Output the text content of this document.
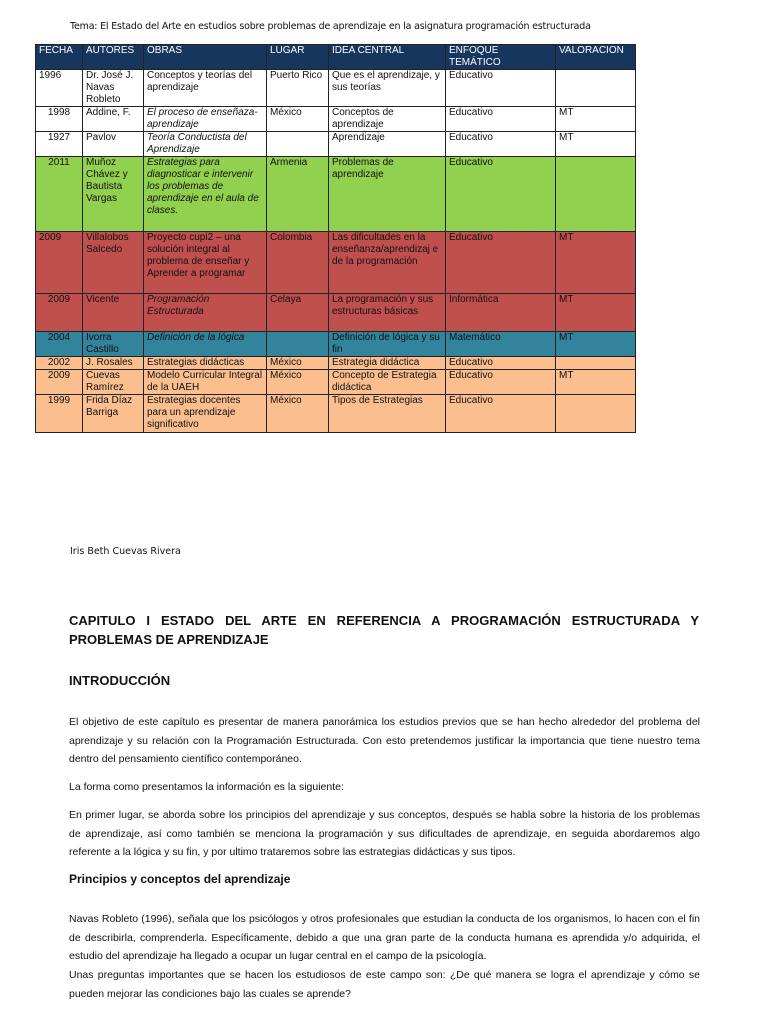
Tema: El Estado del Arte en estudios sobre problemas de aprendizaje en la asignatura programación estructurada
FECHA	AUTORES	OBRAS	LUGAR	IDEA CENTRAL	ENFOQUE TEMÁTICO	VALORACION
1996	Dr. José J. Navas Robleto	Conceptos y teorías del aprendizaje	Puerto Rico	Que es el aprendizaje, y sus teorías	Educativo	
1998	Addine, F.	El proceso de enseñaza-aprendizaje	México	Conceptos de aprendizaje	Educativo	MT
1927	Pavlov	Teoría Conductista del Aprendizaje		Aprendizaje	Educativo	MT
2011	Muñoz Chávez y Bautista Vargas	Estrategias para diagnosticar e intervenir los problemas de aprendizaje en el aula de clases.	Armenia	Problemas de aprendizaje	Educativo	
2009	Villalobos Salcedo	Proyecto cupi2 – una solución integral al problema de enseñar y Aprender a programar	Colombia	Las dificultades en la enseñanza/aprendizaj e de la programación	Educativo	MT
2009	Vicente	Programación Estructurada	Celaya	La programación y sus estructuras básicas	Informática	MT
2004	Ivorra Castillo	Definición de la lógica		Definición de lógica y su fin	Matemático	MT
2002	J. Rosales	Estrategias didácticas	México	Estrategia didáctica	Educativo	
2009	Cuevas Ramírez	Modelo Curricular Integral de la UAEH	México	Concepto de Estrategia didáctica	Educativo	MT
1999	Frida Díaz Barriga	Estrategias docentes para un aprendizaje significativo	México	Tipos de Estrategias	Educativo	
Iris Beth Cuevas Rivera
CAPITULO I ESTADO DEL ARTE EN REFERENCIA A PROGRAMACIÓN ESTRUCTURADA Y PROBLEMAS DE APRENDIZAJE
INTRODUCCIÓN
El objetivo de este capítulo es presentar de manera panorámica los estudios previos que se han hecho alrededor del problema del aprendizaje y su relación con la Programación Estructurada. Con esto pretendemos justificar la importancia que tiene nuestro tema dentro del pensamiento científico contemporáneo.
La forma como presentamos la información es la siguiente:
En primer lugar, se aborda sobre los principios del aprendizaje y sus conceptos, después se habla sobre la historia de los problemas de aprendizaje, así como también se menciona la programación y sus dificultades de aprendizaje, en seguida abordaremos algo referente a la lógica y su fin, y por ultimo trataremos sobre las estrategias didácticas y sus tipos.
Principios y conceptos del aprendizaje
Navas Robleto (1996), señala que los psicólogos y otros profesionales que estudian la conducta de los organismos, lo hacen con el fin de describirla, comprenderla. Específicamente, debido a que una gran parte de la conducta humana es aprendida y/o adquirida, el estudio del aprendizaje ha llegado a ocupar un lugar central en el campo de la psicología.
Unas preguntas importantes que se hacen los estudiosos de este campo son: ¿De qué manera se logra el aprendizaje y cómo se pueden mejorar las condiciones bajo las cuales se aprende?
